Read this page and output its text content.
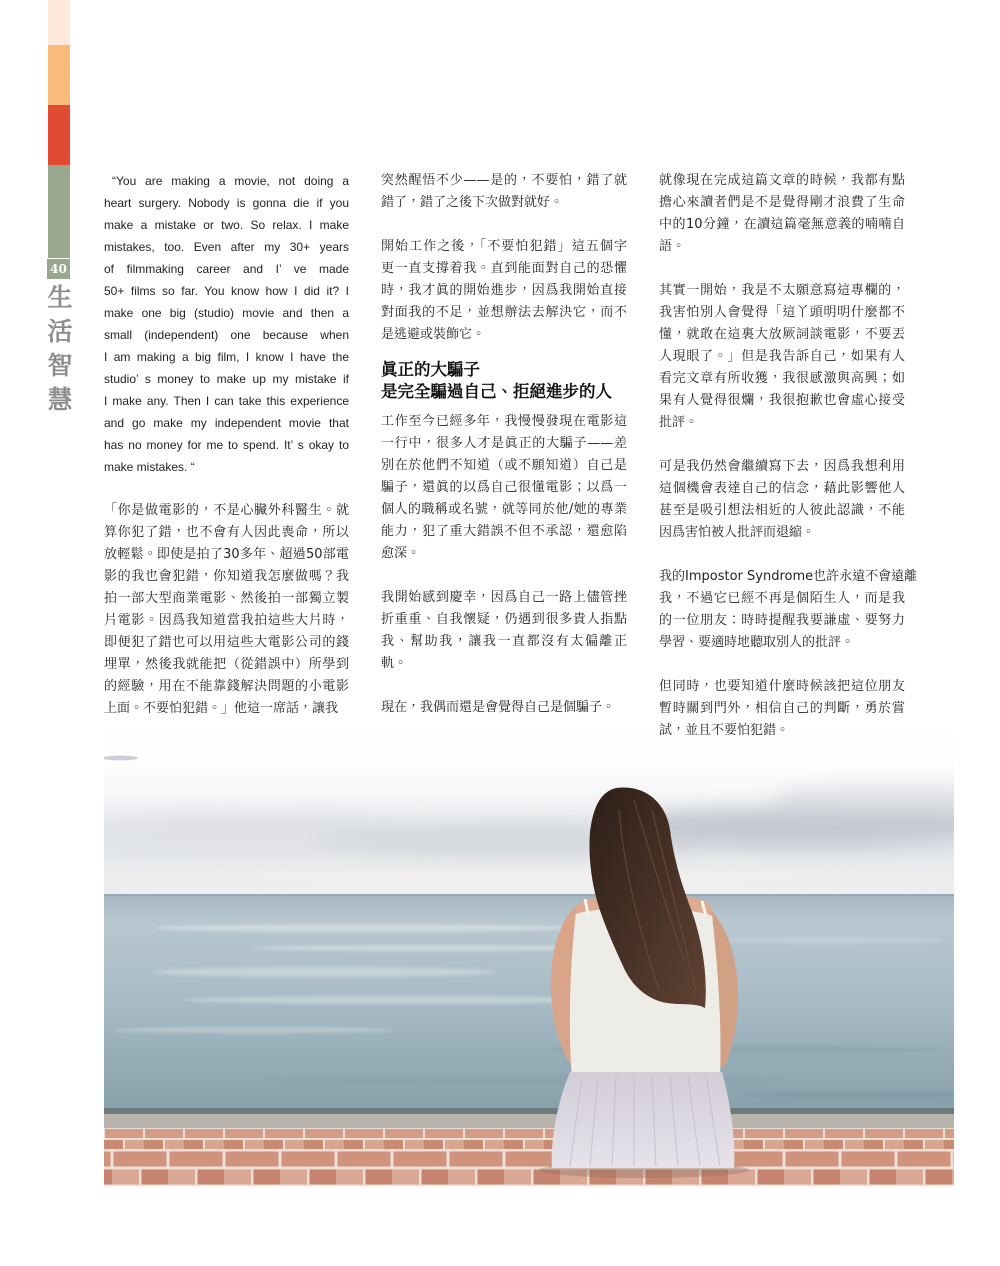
40
生活智慧
“You are making a movie, not doing a
heart surgery. Nobody is gonna die if you
make a mistake or two. So relax. I make
mistakes, too. Even after my 30+ years
of filmmaking career and I’ ve made
50+ films so far. You know how I did it? I
make one big (studio) movie and then a
small (independent) one because when
I am making a big film, I know I have the
studio’ s money to make up my mistake if
I make any. Then I can take this experience
and go make my independent movie that
has no money for me to spend. It’ s okay to
make mistakes. “
「你是做電影的，不是心臟外科醫生。就
算你犯了錯，也不會有人因此喪命，所以
放輕鬆。即使是拍了30多年、超過50部電
影的我也會犯錯，你知道我怎麼做嗎？我
拍一部大型商業電影、然後拍一部獨立製
片電影。因爲我知道當我拍這些大片時，
即便犯了錯也可以用這些大電影公司的錢
埋單，然後我就能把（從錯誤中）所學到
的經驗，用在不能靠錢解決問題的小電影
上面。不要怕犯錯。」他這一席話，讓我
突然醒悟不少——是的，不要怕，錯了就
錯了，錯了之後下次做對就好。
開始工作之後，「不要怕犯錯」這五個字
更一直支撐着我。直到能面對自己的恐懼
時，我才眞的開始進步，因爲我開始直接
對面我的不足，並想辦法去解決它，而不
是逃避或裝飾它。
眞正的大騙子
是完全騙過自己、拒絕進步的人
工作至今已經多年，我慢慢發現在電影這
一行中，很多人才是眞正的大騙子——差
別在於他們不知道（或不願知道）自己是
騙子，還眞的以爲自己很懂電影；以爲一
個人的職稱或名號，就等同於他/她的專業
能力，犯了重大錯誤不但不承認，還愈陷
愈深。
我開始感到慶幸，因爲自己一路上儘管挫
折重重、自我懷疑，仍遇到很多貴人指點
我、幫助我，讓我一直都沒有太偏離正
軌。
現在，我偶而還是會覺得自己是個騙子。
就像現在完成這篇文章的時候，我都有點
擔心來讀者們是不是覺得剛才浪費了生命
中的10分鐘，在讀這篇毫無意義的喃喃自
語。
其實一開始，我是不太願意寫這專欄的，
我害怕別人會覺得「這丫頭明明什麼都不
懂，就敢在這裏大放厥詞談電影，不要丟
人現眼了。」但是我告訴自己，如果有人
看完文章有所收獲，我很感激與高興；如
果有人覺得很爛，我很抱歉也會虛心接受
批評。
可是我仍然會繼續寫下去，因爲我想利用
這個機會表達自己的信念，藉此影響他人
甚至是吸引想法相近的人彼此認識，不能
因爲害怕被人批評而退縮。
我的Impostor Syndrome也許永遠不會遠離
我，不過它已經不再是個陌生人，而是我
的一位朋友：時時提醒我要謙虛、要努力
學習、要適時地聽取別人的批評。
但同時，也要知道什麼時候該把這位朋友
暫時關到門外，相信自己的判斷，勇於嘗
試，並且不要怕犯錯。
